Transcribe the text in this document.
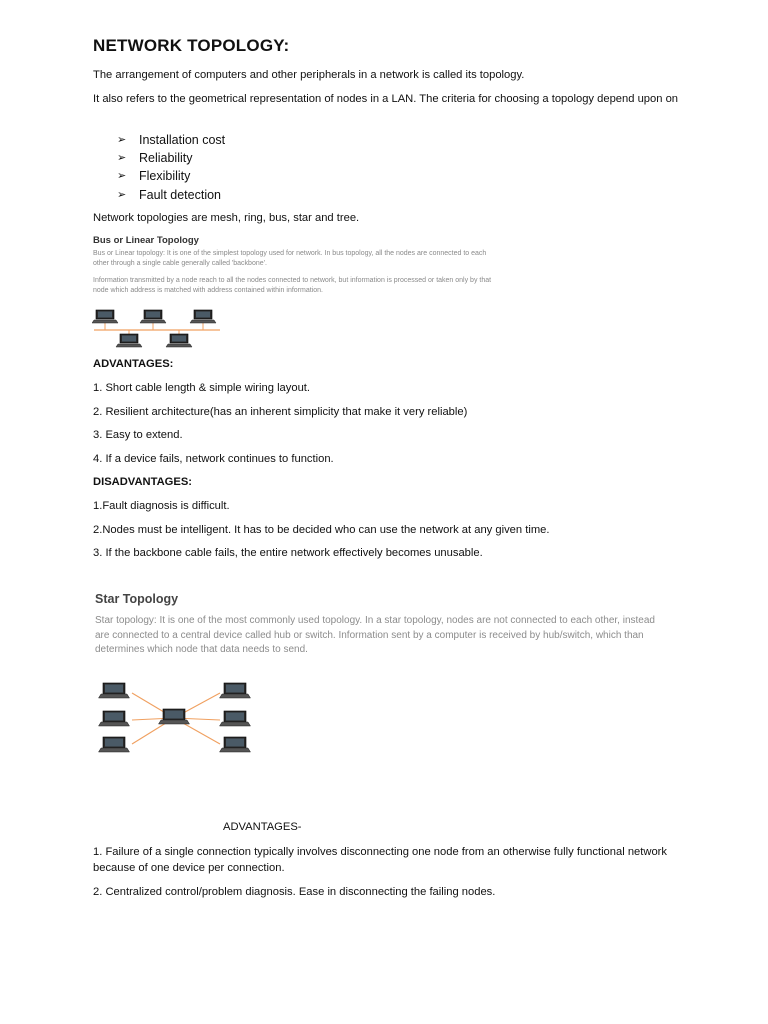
NETWORK TOPOLOGY:

The arrangement of computers and other peripherals in a network is called its topology.

It also refers to the geometrical representation of nodes in a LAN. The criteria for choosing a topology depend upon on

➢	Installation cost
➢	Reliability
➢	Flexibility
➢	Fault detection

Network topologies are mesh, ring, bus, star and tree.

Bus or Linear Topology
Bus or Linear topology: It is one of the simplest topology used for network. In bus topology, all the nodes are connected to each other through a single cable generally called 'backbone'.
Information transmitted by a node reach to all the nodes connected to network, but information is processed or taken only by that node which address is matched with address contained within information.

ADVANTAGES:

1. Short cable length & simple wiring layout.

2. Resilient architecture(has an inherent simplicity that make it very reliable)

3. Easy to extend.

4. If a device fails, network continues to function.

DISADVANTAGES:

1.Fault diagnosis is difficult.

2.Nodes must be intelligent. It has to be decided who can use the network at any given time.

3. If the backbone cable fails, the entire network effectively becomes unusable.

Star Topology
Star topology: It is one of the most commonly used topology. In a star topology, nodes are not connected to each other, instead are connected to a central device called hub or switch. Information sent by a computer is received by hub/switch, which than determines which node that data needs to send.

ADVANTAGES-

1. Failure of a single connection typically involves disconnecting one node from an otherwise fully functional network because of one device per connection.

2. Centralized control/problem diagnosis. Ease in disconnecting the failing nodes.
